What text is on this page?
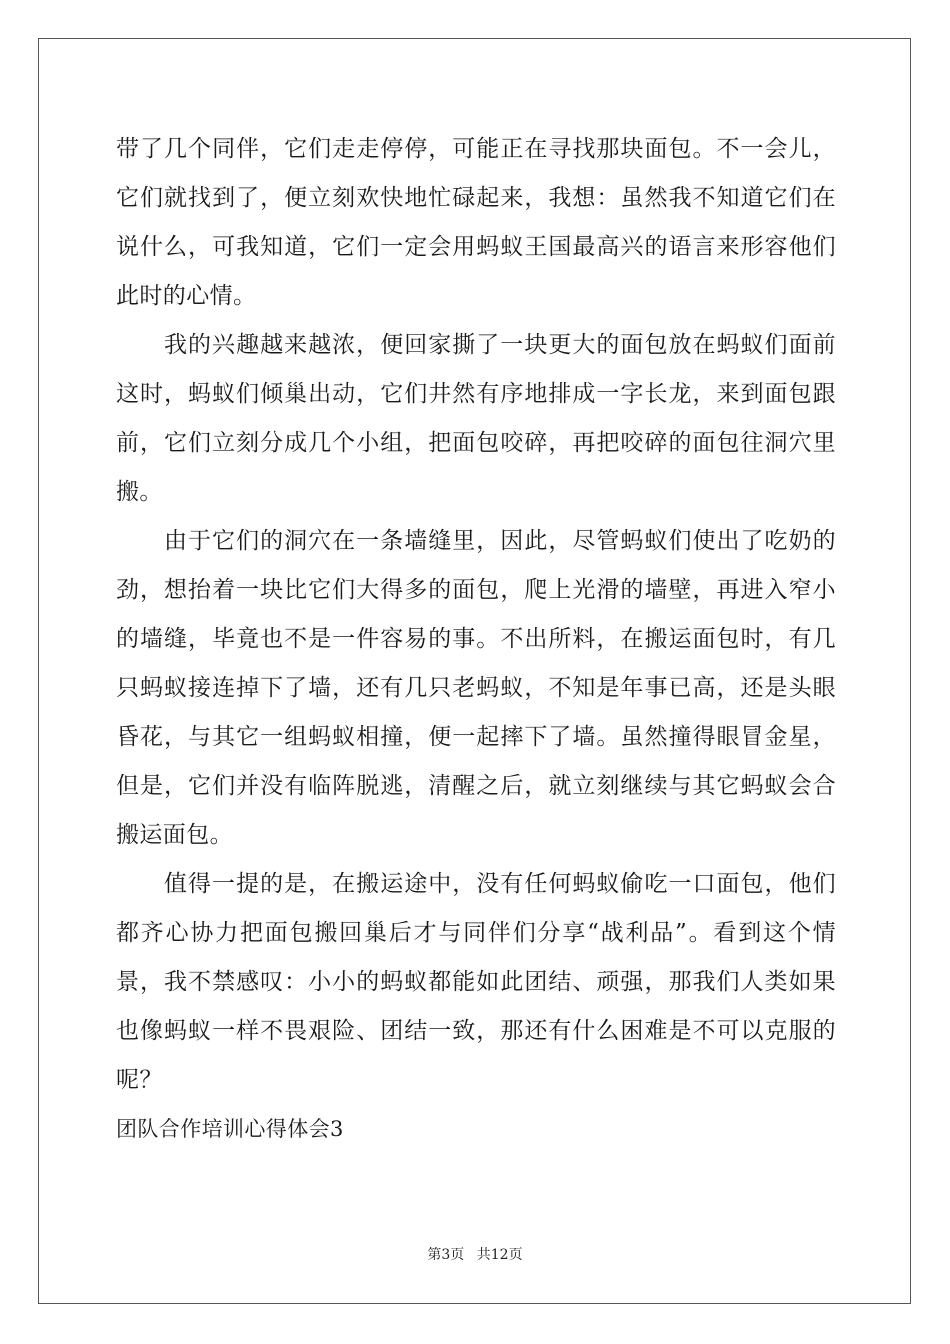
带了几个同伴，它们走走停停，可能正在寻找那块面包。不一会儿，它们就找到了，便立刻欢快地忙碌起来，我想：虽然我不知道它们在说什么，可我知道，它们一定会用蚂蚁王国最高兴的语言来形容他们此时的心情。

我的兴趣越来越浓，便回家撕了一块更大的面包放在蚂蚁们面前这时，蚂蚁们倾巢出动，它们井然有序地排成一字长龙，来到面包跟前，它们立刻分成几个小组，把面包咬碎，再把咬碎的面包往洞穴里搬。

由于它们的洞穴在一条墙缝里，因此，尽管蚂蚁们使出了吃奶的劲，想抬着一块比它们大得多的面包，爬上光滑的墙壁，再进入窄小的墙缝，毕竟也不是一件容易的事。不出所料，在搬运面包时，有几只蚂蚁接连掉下了墙，还有几只老蚂蚁，不知是年事已高，还是头眼昏花，与其它一组蚂蚁相撞，便一起摔下了墙。虽然撞得眼冒金星，但是，它们并没有临阵脱逃，清醒之后，就立刻继续与其它蚂蚁会合搬运面包。

值得一提的是，在搬运途中，没有任何蚂蚁偷吃一口面包，他们都齐心协力把面包搬回巢后才与同伴们分享“战利品”。看到这个情景，我不禁感叹：小小的蚂蚁都能如此团结、顽强，那我们人类如果也像蚂蚁一样不畏艰险、团结一致，那还有什么困难是不可以克服的呢？

团队合作培训心得体会3

第3页 共12页
